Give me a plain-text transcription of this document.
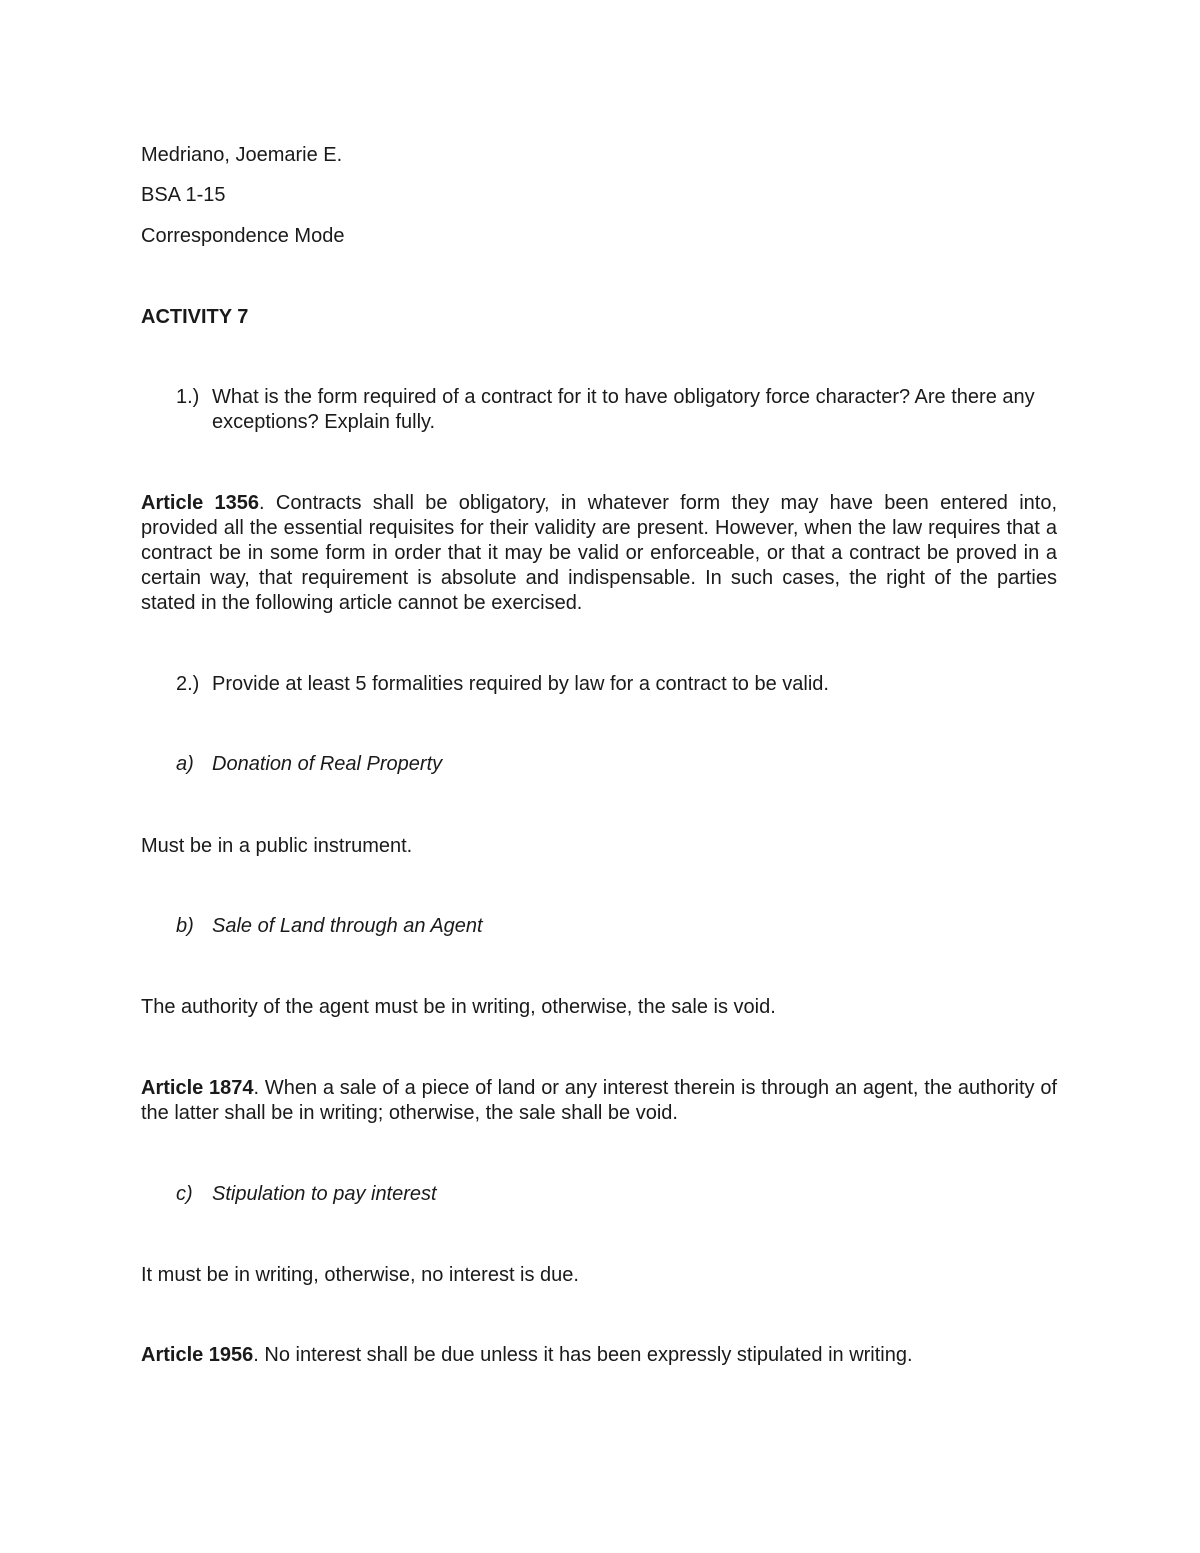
Medriano, Joemarie E.
BSA 1-15
Correspondence Mode
ACTIVITY 7
1.) What is the form required of a contract for it to have obligatory force character? Are there any exceptions? Explain fully.
Article 1356. Contracts shall be obligatory, in whatever form they may have been entered into, provided all the essential requisites for their validity are present. However, when the law requires that a contract be in some form in order that it may be valid or enforceable, or that a contract be proved in a certain way, that requirement is absolute and indispensable. In such cases, the right of the parties stated in the following article cannot be exercised.
2.) Provide at least 5 formalities required by law for a contract to be valid.
a) Donation of Real Property
Must be in a public instrument.
b) Sale of Land through an Agent
The authority of the agent must be in writing, otherwise, the sale is void.
Article 1874. When a sale of a piece of land or any interest therein is through an agent, the authority of the latter shall be in writing; otherwise, the sale shall be void.
c) Stipulation to pay interest
It must be in writing, otherwise, no interest is due.
Article 1956. No interest shall be due unless it has been expressly stipulated in writing.
